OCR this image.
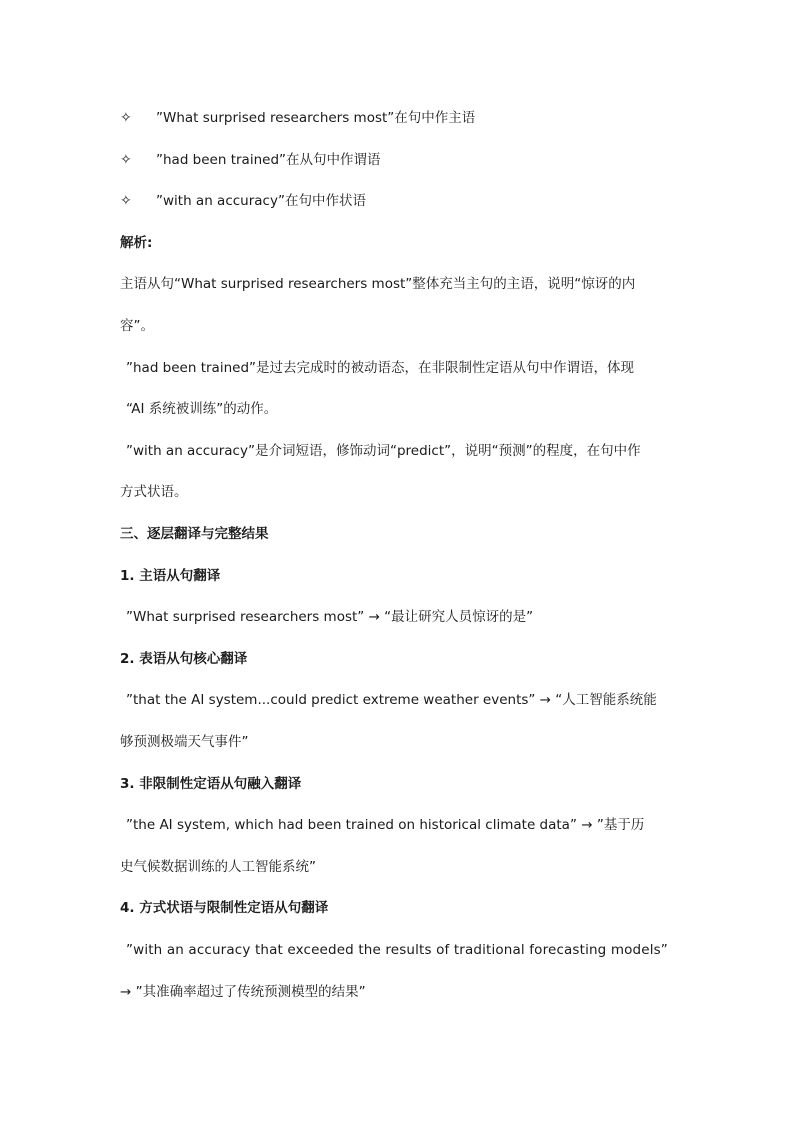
✧ ”What surprised researchers most”在句中作主语
✧ ”had been trained”在从句中作谓语
✧ ”with an accuracy”在句中作状语
解析:
主语从句“What surprised researchers most”整体充当主句的主语，说明“惊讶的内
容”。
”had been trained”是过去完成时的被动语态，在非限制性定语从句中作谓语，体现
“AI 系统被训练”的动作。
”with an accuracy”是介词短语，修饰动词“predict”，说明“预测”的程度，在句中作
方式状语。
三、逐层翻译与完整结果
1. 主语从句翻译
”What surprised researchers most” → “最让研究人员惊讶的是”
2. 表语从句核心翻译
”that the AI system...could predict extreme weather events” → “人工智能系统能
够预测极端天气事件”
3. 非限制性定语从句融入翻译
”the AI system, which had been trained on historical climate data” → ”基于历
史气候数据训练的人工智能系统”
4. 方式状语与限制性定语从句翻译
”with an accuracy that exceeded the results of traditional forecasting models”
→ ”其准确率超过了传统预测模型的结果”
